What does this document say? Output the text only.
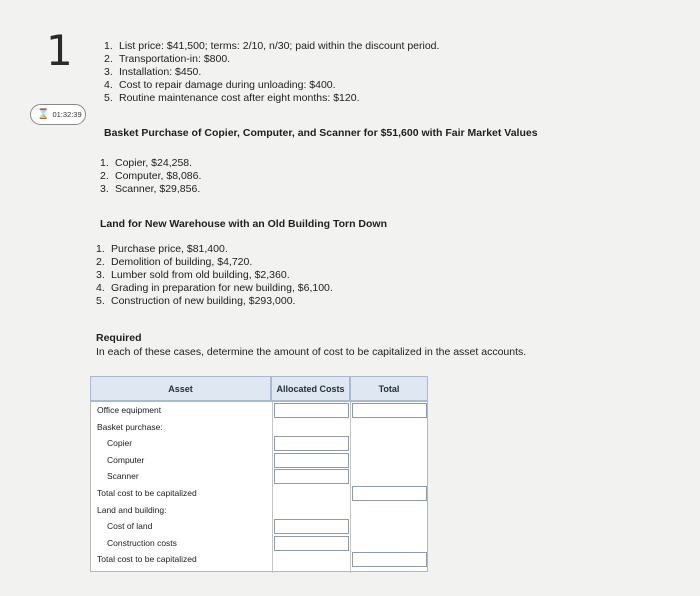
1
⌛ 01:32:39
1. List price: $41,500; terms: 2/10, n/30; paid within the discount period.
2. Transportation-in: $800.
3. Installation: $450.
4. Cost to repair damage during unloading: $400.
5. Routine maintenance cost after eight months: $120.
Basket Purchase of Copier, Computer, and Scanner for $51,600 with Fair Market Values
1. Copier, $24,258.
2. Computer, $8,086.
3. Scanner, $29,856.
Land for New Warehouse with an Old Building Torn Down
1. Purchase price, $81,400.
2. Demolition of building, $4,720.
3. Lumber sold from old building, $2,360.
4. Grading in preparation for new building, $6,100.
5. Construction of new building, $293,000.
Required
In each of these cases, determine the amount of cost to be capitalized in the asset accounts.
Asset	Allocated Costs	Total
Office equipment
Basket purchase:
Copier
Computer
Scanner
Total cost to be capitalized
Land and building:
Cost of land
Construction costs
Total cost to be capitalized
